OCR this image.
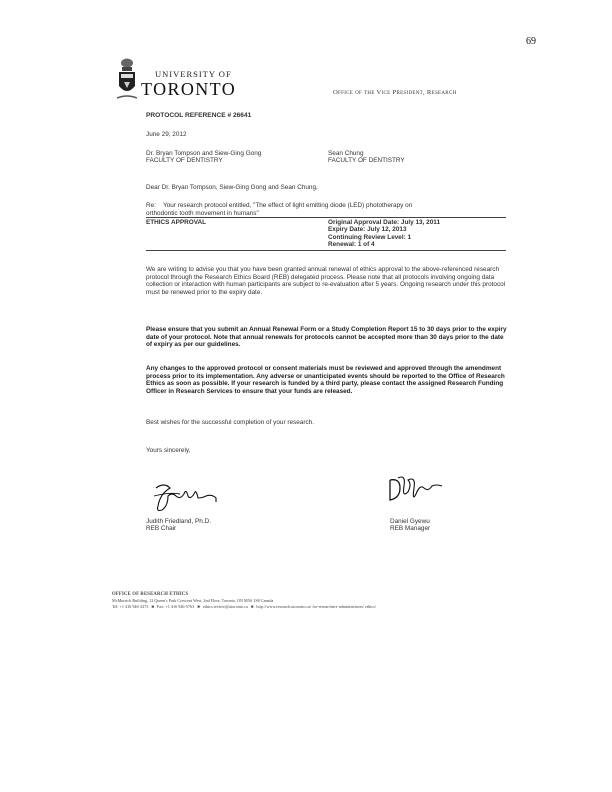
69
UNIVERSITY OF
TORONTO	Office of the Vice President, Research
PROTOCOL REFERENCE # 26641
June 29, 2012
Dr. Bryan Tompson and Siew-Ging Gong
FACULTY OF DENTISTRY
Sean Chung
FACULTY OF DENTISTRY
Dear Dr. Bryan Tompson, Siew-Ging Gong and Sean Chung,
Re: Your research protocol entitled, "The effect of light emitting diode (LED) phototherapy on
orthodontic tooth movement in humans"
ETHICS APPROVAL	Original Approval Date: July 13, 2011
Expiry Date: July 12, 2013
Continuing Review Level: 1
Renewal: 1 of 4
We are writing to advise you that you have been granted annual renewal of ethics approval to the above-referenced research protocol through the Research Ethics Board (REB) delegated process. Please note that all protocols involving ongoing data collection or interaction with human participants are subject to re-evaluation after 5 years. Ongoing research under this protocol must be renewed prior to the expiry date.
Please ensure that you submit an Annual Renewal Form or a Study Completion Report 15 to 30 days prior to the expiry date of your protocol. Note that annual renewals for protocols cannot be accepted more than 30 days prior to the date of expiry as per our guidelines.
Any changes to the approved protocol or consent materials must be reviewed and approved through the amendment process prior to its implementation. Any adverse or unanticipated events should be reported to the Office of Research Ethics as soon as possible. If your research is funded by a third party, please contact the assigned Research Funding Officer in Research Services to ensure that your funds are released.
Best wishes for the successful completion of your research.
Yours sincerely,
Judith Friedland, Ph.D.
REB Chair
Daniel Gyewu
REB Manager
OFFICE OF RESEARCH ETHICS
McMurrich Building, 12 Queen's Park Crescent West, 2nd Floor, Toronto, ON M5S 1S8 Canada
Tel: +1 416 946-3273 ■ Fax: +1 416 946-5763 ■ ethics.review@utoronto.ca ■ http://www.research.utoronto.ca/ for-researchers-administrators/ ethics/
